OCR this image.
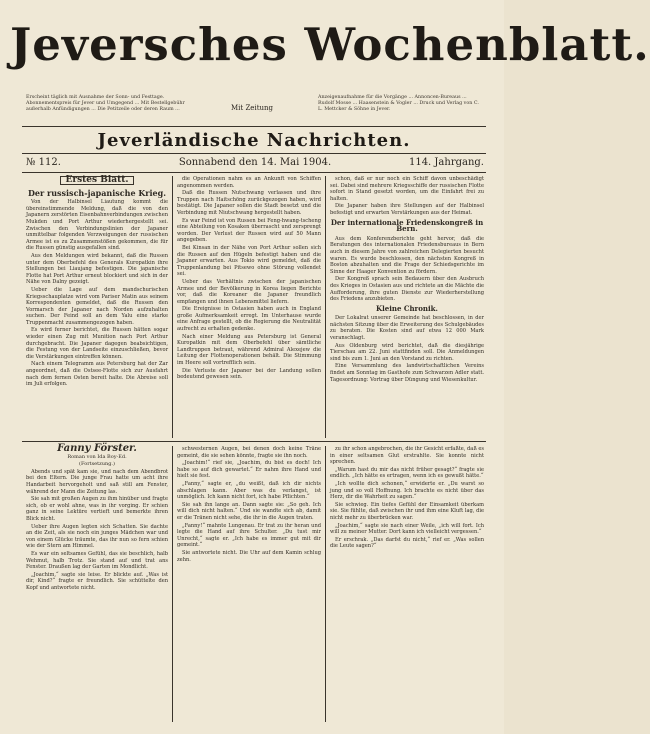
Jeversches Wochenblatt.
Erscheint täglich mit Ausnahme der Sonn- und Festtage. Abonnementspreis für Jever und Umgegend ... Mit Bestellgebühr außerhalb Anfündigungen ... Die Petitzeile oder deren Raum ...	Mit Zeitung
Anzeigenaufnahme für die Vorgänge ... Annoncen-Bureaus ... Rudolf Mosse ... Haasenstein & Vogler ... Druck und Verlag von C. L. Mettcker & Söhne in Jever.
Jeverländische Nachrichten.
№ 112.	Sonnabend den 14. Mai 1904.	114. Jahrgang.
Erstes Blatt.
Der russisch-japanische Krieg.

Von der Halbinsel Liautung kommt die übereinstimmende Meldung, daß die von den Japanern zerstörten Eisenbahnverbindungen zwischen Mukden und Port Arthur wiederhergestellt sei. Zwischen den Verbindungslinien der Japaner unmittelbar folgenden Verzweigungen der russischen Armee ist es zu Zusammenstößen gekommen, die für die Russen günstig ausgefallen sind.

Aus den Meldungen wird bekannt, daß die Russen unter dem Oberbefehl des Generals Kuropatkin ihre Stellungen bei Liaujang befestigen. Die japanische Flotte hat Port Arthur erneut blockiert und sich in der Nähe von Dalny gezeigt.

Ueber die Lage auf dem mandschurischen Kriegsschauplatze wird vom Pariser Matin aus seinem Korrespondenten gemeldet, daß die Russen den Vormarsch der Japaner nach Norden aufzuhalten suchen. Der Feind soll an dem Yalu eine starke Truppenmacht zusammengezogen haben.

Es wird ferner berichtet, die Russen hätten sogar wieder einen Zug mit Munition nach Port Arthur durchgebracht. Die Japaner dagegen beabsichtigen, die Festung von der Landseite einzuschließen, bevor die Verstärkungen eintreffen können.

Nach einem Telegramm aus Petersburg hat der Zar angeordnet, daß die Ostsee-Flotte sich zur Ausfahrt nach dem fernen Osten bereit halte. Die Abreise soll im Juli erfolgen.

die Operationen nahm es an Ankunft von Schiffen angenommen werden.

Daß die Russen Nutschwang verlassen und ihre Truppen nach Haitschöng zurückgezogen haben, wird bestätigt. Die Japaner sollen die Stadt besetzt und die Verbindung mit Niutschwang hergestellt haben.

Es war Feind ist von Russen bei Feng-hwang-tscheng eine Abteilung von Kosaken überrascht und zersprengt worden. Der Verlust der Russen wird auf 50 Mann angegeben.

Bei Kinsan in der Nähe von Port Arthur sollen sich die Russen auf den Hügeln befestigt haben und die Japaner erwarten. Aus Tokio wird gemeldet, daß die Truppenlandung bei Pitsewo ohne Störung vollendet sei.

Ueber das Verhältnis zwischen der japanischen Armee und der Bevölkerung in Korea liegen Berichte vor, daß die Koreaner die Japaner freundlich empfangen und ihnen Lebensmittel liefern.

Die Ereignisse in Ostasien haben auch in England große Aufmerksamkeit erregt. Im Unterhause wurde eine Anfrage gestellt, ob die Regierung die Neutralität aufrecht zu erhalten gedenke.

Nach einer Meldung aus Petersburg ist General Kuropatkin mit dem Oberbefehl über sämtliche Landtruppen betraut, während Admiral Alexejew die Leitung der Flottenoperationen behält. Die Stimmung im Heere soll vortrefflich sein.

Die Verluste der Japaner bei der Landung sollen bedeutend gewesen sein.

schon, daß er nur noch ein Schiff davon unbeschädigt sei. Dabei sind mehrere Kriegsschiffe der russischen Flotte sofort in Stand gesetzt worden, um die Einfahrt frei zu halten.

Die Japaner haben ihre Stellungen auf der Halbinsel befestigt und erwarten Verstärkungen aus der Heimat.

Der internationale Friedenskongreß in Bern.

Aus dem Konferenzberichte geht hervor, daß die Beratungen des internationalen Friedensbureaus in Bern auch in diesem Jahre von zahlreichen Delegierten besucht waren. Es wurde beschlossen, den nächsten Kongreß in Boston abzuhalten und die Frage der Schiedsgerichte im Sinne der Haager Konvention zu fördern.

Der Kongreß sprach sein Bedauern über den Ausbruch des Krieges in Ostasien aus und richtete an die Mächte die Aufforderung, ihre guten Dienste zur Wiederherstellung des Friedens anzubieten.

Kleine Chronik.

Der Lokalrat unserer Gemeinde hat beschlossen, in der nächsten Sitzung über die Erweiterung des Schulgebäudes zu beraten. Die Kosten sind auf etwa 12 000 Mark veranschlagt.

Aus Oldenburg wird berichtet, daß die diesjährige Tierschau am 22. Juni stattfinden soll. Die Anmeldungen sind bis zum 1. Juni an den Vorstand zu richten.

Eine Versammlung des landwirtschaftlichen Vereins findet am Sonntag im Gasthofe zum Schwarzen Adler statt. Tagesordnung: Vortrag über Düngung und Wiesenkultur.

Fanny Förster.

Roman von Ida Boy-Ed.

(Fortsetzung.)

Abends und spät kam sie, und nach dem Abendbrot bei den Eltern. Die junge Frau hatte um acht ihre Handarbeit hervorgeholt und saß still am Fenster, während der Mann die Zeitung las.

Sie sah mit großen Augen zu ihm hinüber und fragte sich, ob er wohl ahne, was in ihr vorging. Er schien ganz in seine Lektüre vertieft und bemerkte ihren Blick nicht.

Ueber ihre Augen legten sich Schatten. Sie dachte an die Zeit, als sie noch ein junges Mädchen war und von einem Glücke träumte, das ihr nun so fern schien wie der Stern am Himmel.

Es war ein seltsames Gefühl, das sie beschlich, halb Wehmut, halb Trotz. Sie stand auf und trat ans Fenster. Draußen lag der Garten im Mondlicht.

„Joachim,“ sagte sie leise. Er blickte auf. „Was ist dir, Kind?“ fragte er freundlich. Sie schüttelte den Kopf und antwortete nicht.

schwesternen Augen, bei denen doch keine Träne gemeint, die sie sehen könnte, fragte sie ihn noch.

„Joachim!“ rief sie, „Joachim, du bist es doch! Ich habe so auf dich gewartet.“ Er nahm ihre Hand und hielt sie fest.

„Fanny,“ sagte er, „du weißt, daß ich dir nichts abschlagen kann. Aber was du verlangst, ist unmöglich. Ich kann nicht fort, ich habe Pflichten.“

Sie sah ihn lange an. Dann sagte sie: „So geh. Ich will dich nicht halten.“ Und sie wandte sich ab, damit er die Tränen nicht sehe, die ihr in die Augen traten.

„Fanny!“ mahnte Lungenau. Er trat zu ihr heran und legte die Hand auf ihre Schulter. „Du tust mir Unrecht,“ sagte er. „Ich habe es immer gut mit dir gemeint.“

Sie antwortete nicht. Die Uhr auf dem Kamin schlug zehn.

zu ihr schon angebrochen, die ihr Gesicht erfaßte, daß es in einer seltsamen Glut erstrahlte. Sie konnte nicht sprechen.

„Warum hast du mir das nicht früher gesagt?“ fragte sie endlich. „Ich hätte es ertragen, wenn ich es gewußt hätte.“

„Ich wollte dich schonen,“ erwiderte er. „Du warst so jung und so voll Hoffnung. Ich brachte es nicht über das Herz, dir die Wahrheit zu sagen.“

Sie schwieg. Ein tiefes Gefühl der Einsamkeit überkam sie. Sie fühlte, daß zwischen ihr und ihm eine Kluft lag, die nicht mehr zu überbrücken war.

„Joachim,“ sagte sie nach einer Weile, „ich will fort. Ich will zu meiner Mutter. Dort kann ich vielleicht vergessen.“

Er erschrak. „Das darfst du nicht,“ rief er. „Was sollen die Leute sagen?“
